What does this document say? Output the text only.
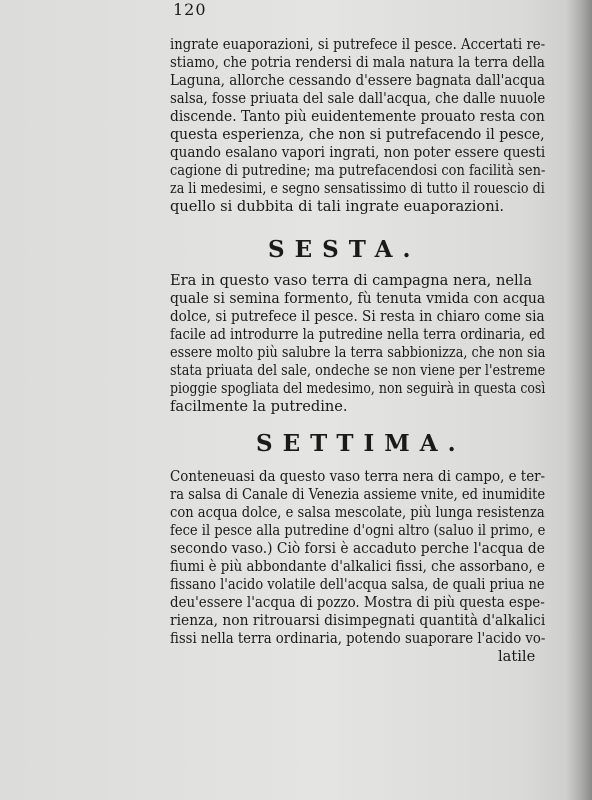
120
ingrate euaporazioni, si putrefece il pesce. Accertati re-
stiamo, che potria rendersi di mala natura la terra della
Laguna, allorche cessando d'essere bagnata dall'acqua
salsa, fosse priuata del sale dall'acqua, che dalle nuuole
discende. Tanto più euidentemente prouato resta con
questa esperienza, che non si putrefacendo il pesce,
quando esalano vapori ingrati, non poter essere questi
cagione di putredine; ma putrefacendosi con facilità sen-
za li medesimi, e segno sensatissimo di tutto il rouescio di
quello si dubbita di tali ingrate euaporazioni.
SESTA.
Era in questo vaso terra di campagna nera, nella
quale si semina formento, fù tenuta vmida con acqua
dolce, si putrefece il pesce. Si resta in chiaro come sia
facile ad introdurre la putredine nella terra ordinaria, ed
essere molto più salubre la terra sabbionizza, che non sia
stata priuata del sale, ondeche se non viene per l'estreme
pioggie spogliata del medesimo, non seguirà in questa così
facilmente la putredine.
SETTIMA.
Conteneuasi da questo vaso terra nera di campo, e ter-
ra salsa di Canale di Venezia assieme vnite, ed inumidite
con acqua dolce, e salsa mescolate, più lunga resistenza
fece il pesce alla putredine d'ogni altro (saluo il primo, e
secondo vaso.) Ciò forsi è accaduto perche l'acqua de
fiumi è più abbondante d'alkalici fissi, che assorbano, e
fissano l'acido volatile dell'acqua salsa, de quali priua ne
deu'essere l'acqua di pozzo. Mostra di più questa espe-
rienza, non ritrouarsi disimpegnati quantità d'alkalici
fissi nella terra ordinaria, potendo suaporare l'acido vo-
latile
